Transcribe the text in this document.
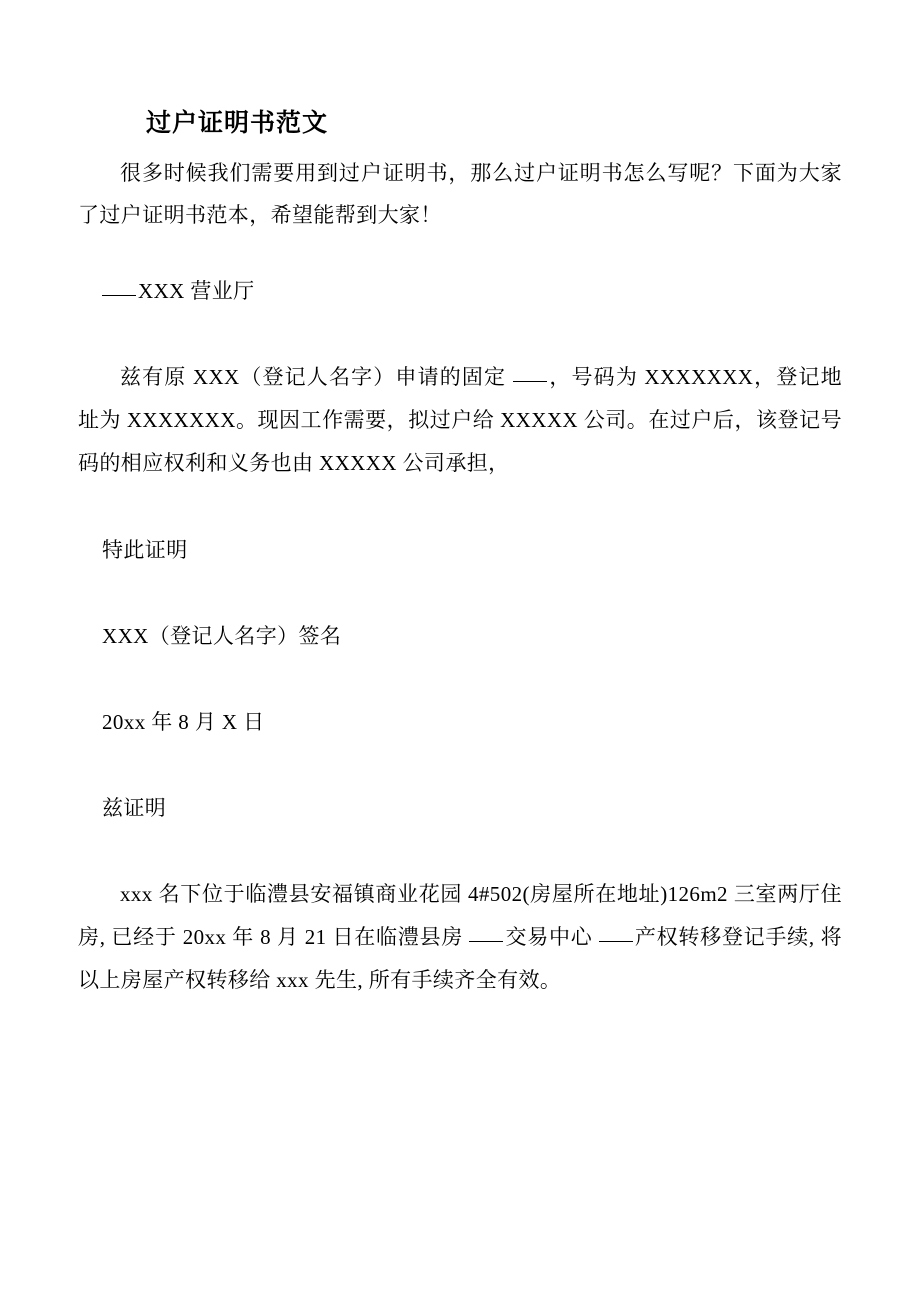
过户证明书范文

很多时候我们需要用到过户证明书，那么过户证明书怎么写呢？下面为大家了过户证明书范本，希望能帮到大家！

XXX 营业厅

兹有原 XXX（登记人名字）申请的固定 ，号码为 XXXXXXX，登记地址为 XXXXXXX。现因工作需要，拟过户给 XXXXX 公司。在过户后，该登记号码的相应权利和义务也由 XXXXX 公司承担，

特此证明

XXX（登记人名字）签名

20xx 年 8 月 X 日

兹证明

xxx 名下位于临澧县安福镇商业花园 4#502(房屋所在地址)126m2 三室两厅住房, 已经于 20xx 年 8 月 21 日在临澧县房 交易中心 产权转移登记手续, 将以上房屋产权转移给 xxx 先生, 所有手续齐全有效。
